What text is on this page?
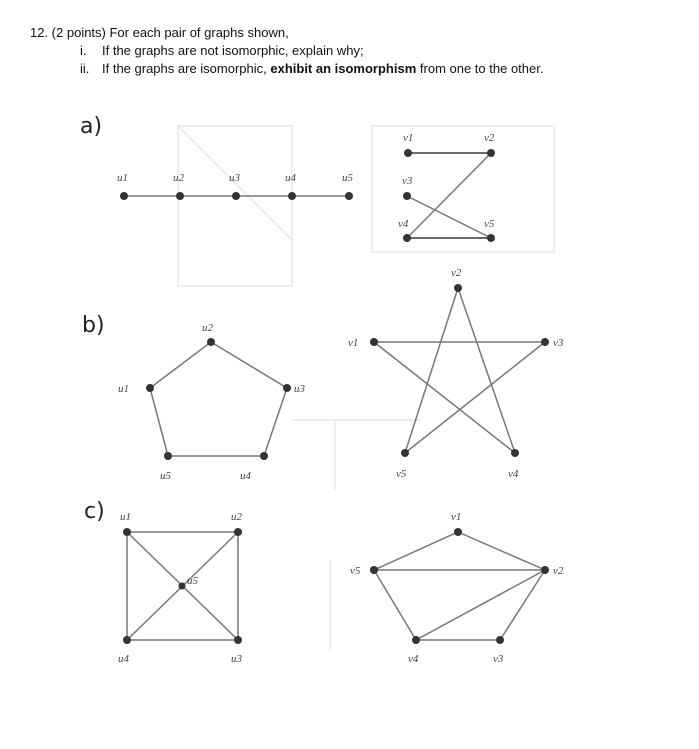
12. (2 points) For each pair of graphs shown,

i. If the graphs are not isomorphic, explain why;
ii. If the graphs are isomorphic, exhibit an isomorphism from one to the other.
a)
u1	u2	u3	u4	u5
v1	v2
v3
v4	v5
b)	u2
u3
u4
u5
u1
v2
v1	v3
v5	v4
c) u1	u2
u3
u4
u5
v1
v2
v3
v4
v5
